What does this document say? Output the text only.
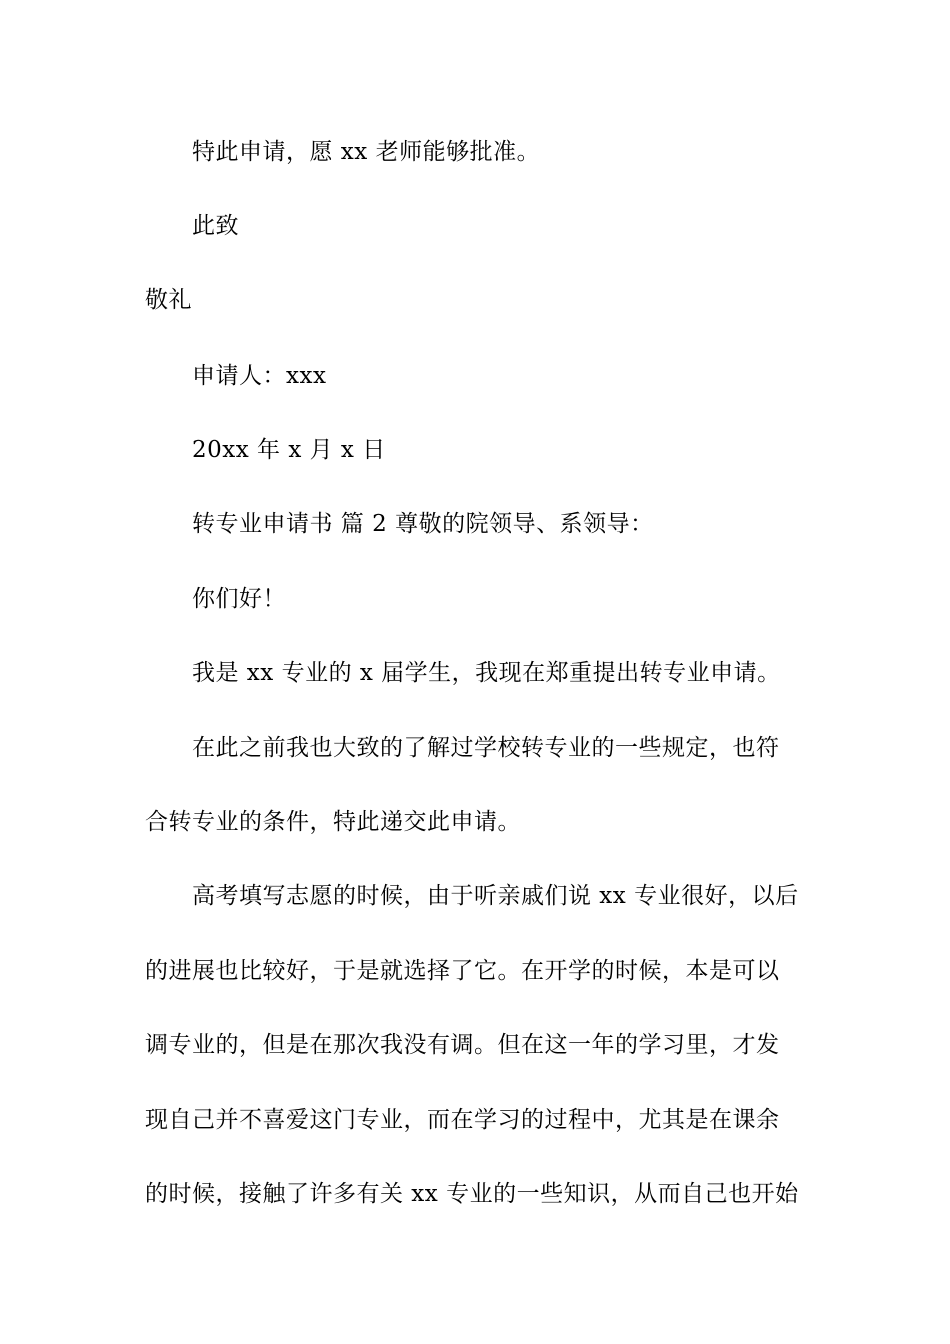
特此申请，愿 xx 老师能够批准。
此致
敬礼
申请人：xxx
20xx 年 x 月 x 日
转专业申请书 篇 2 尊敬的院领导、系领导：
你们好！
我是 xx 专业的 x 届学生，我现在郑重提出转专业申请。
在此之前我也大致的了解过学校转专业的一些规定，也符
合转专业的条件，特此递交此申请。
高考填写志愿的时候，由于听亲戚们说 xx 专业很好，以后
的进展也比较好，于是就选择了它。在开学的时候，本是可以
调专业的，但是在那次我没有调。但在这一年的学习里，才发
现自己并不喜爱这门专业，而在学习的过程中，尤其是在课余
的时候，接触了许多有关 xx 专业的一些知识，从而自己也开始
